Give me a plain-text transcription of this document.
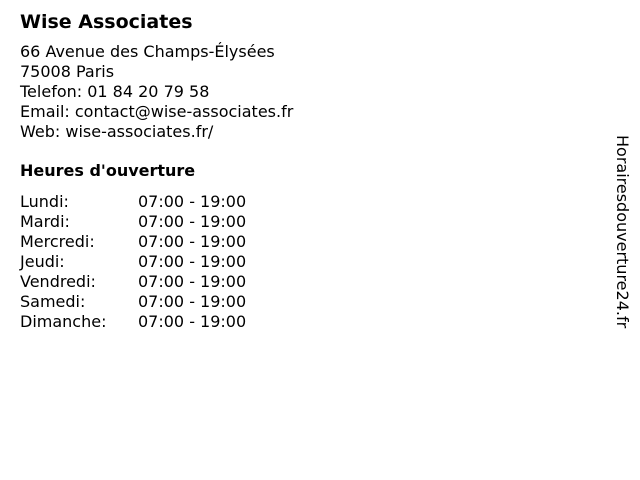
Wise Associates
66 Avenue des Champs-Élysées
75008 Paris
Telefon: 01 84 20 79 58
Email: contact@wise-associates.fr
Web: wise-associates.fr/
Heures d'ouverture
Lundi:	07:00 - 19:00
Mardi:	07:00 - 19:00
Mercredi:	07:00 - 19:00
Jeudi:	07:00 - 19:00
Vendredi:	07:00 - 19:00
Samedi:	07:00 - 19:00
Dimanche:	07:00 - 19:00	Horairesdouverture24.fr
